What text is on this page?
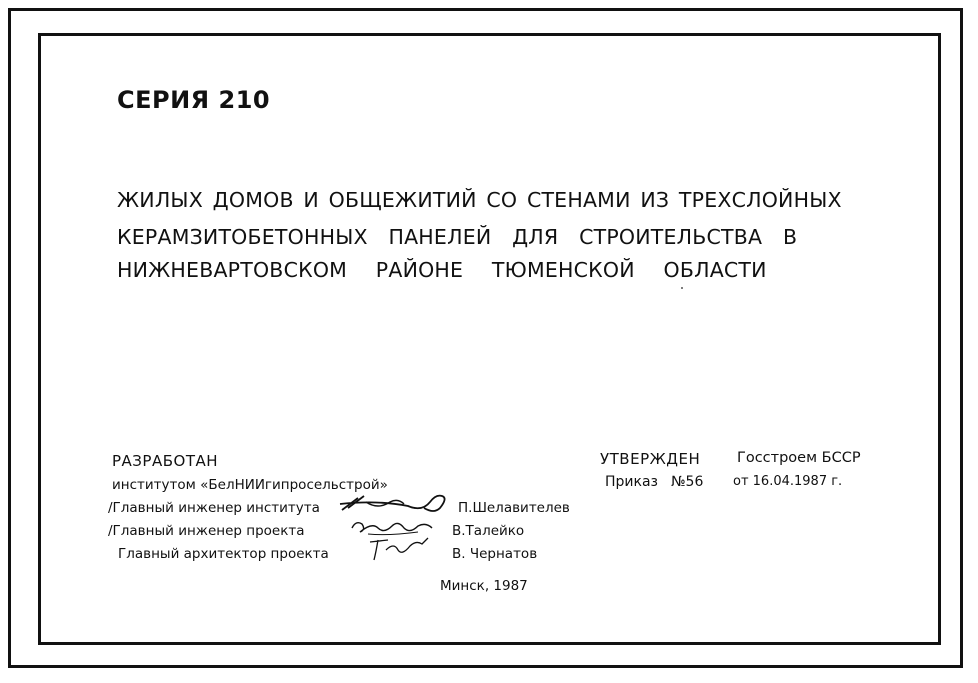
СЕРИЯ 210
ЖИЛЫХ ДОМОВ И ОБЩЕЖИТИЙ СО СТЕНАМИ ИЗ ТРЕХСЛОЙНЫХ
КЕРАМЗИТОБЕТОННЫХ ПАНЕЛЕЙ ДЛЯ СТРОИТЕЛЬСТВА В
НИЖНЕВАРТОВСКОМ РАЙОНЕ ТЮМЕНСКОЙ ОБЛАСТИ
РАЗРАБОТАН
институтом «БелНИИгипросельстрой»
/Главный инженер института
/Главный инженер проекта
Главный архитектор проекта
П.Шелавителев
В.Талейко
В. Чернатов
Минск, 1987
УТВЕРЖДЕН	Госстроем БССР
Приказ №56 от 16.04.1987 г.
